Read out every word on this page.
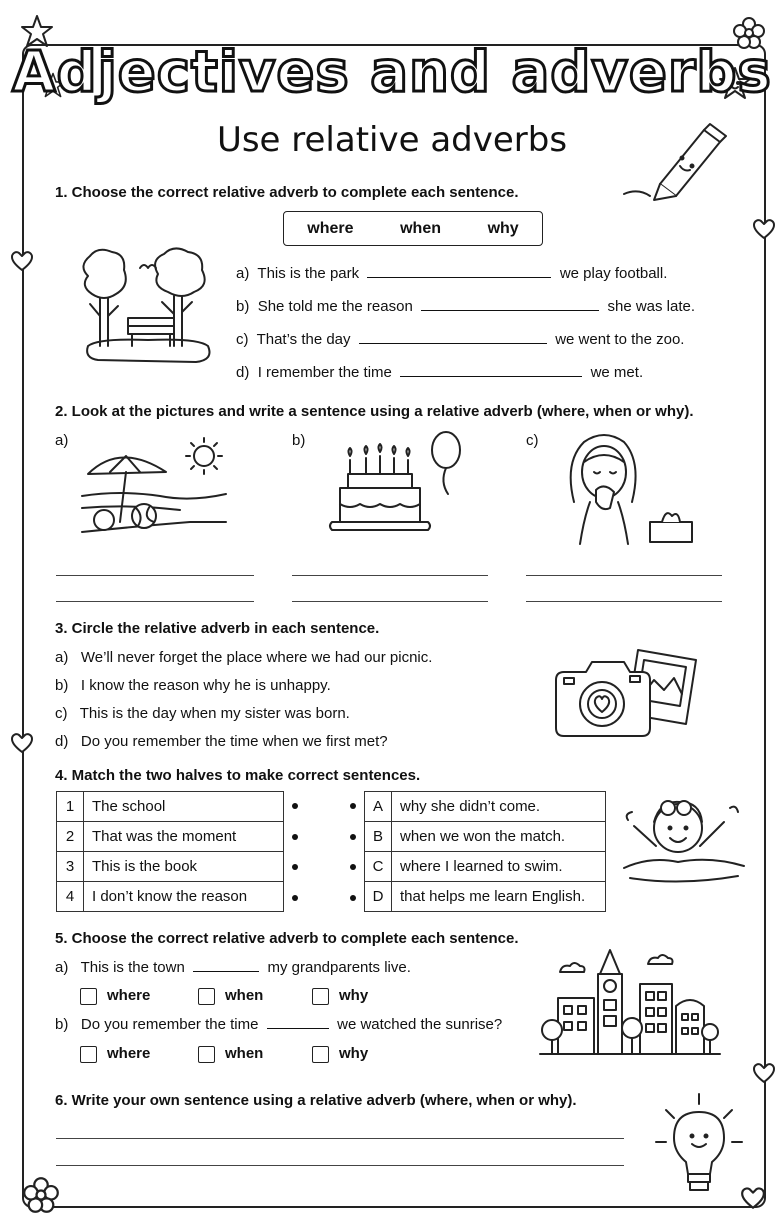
Adjectives and adverbs
Use relative adverbs
1. Choose the correct relative adverb to complete each sentence.
where	when	why
a) This is the park	we play football.
b) She told me the reason	she was late.
c) That’s the day	we went to the zoo.
d) I remember the time	we met.
2. Look at the pictures and write a sentence using a relative adverb (where, when or why).
a)	b)	c)
3. Circle the relative adverb in each sentence.
a) We’ll never forget the place where we had our picnic.
b) I know the reason why he is unhappy.
c) This is the day when my sister was born.
d) Do you remember the time when we first met?
4. Match the two halves to make correct sentences.
1	The school
2	That was the moment
3	This is the book
4	I don’t know the reason
A	why she didn’t come.
B	when we won the match.
C	where I learned to swim.
D	that helps me learn English.
5. Choose the correct relative adverb to complete each sentence.
a) This is the town	my grandparents live.
where	when	why
b) Do you remember the time	we watched the sunrise?
where	when	why
6. Write your own sentence using a relative adverb (where, when or why).
